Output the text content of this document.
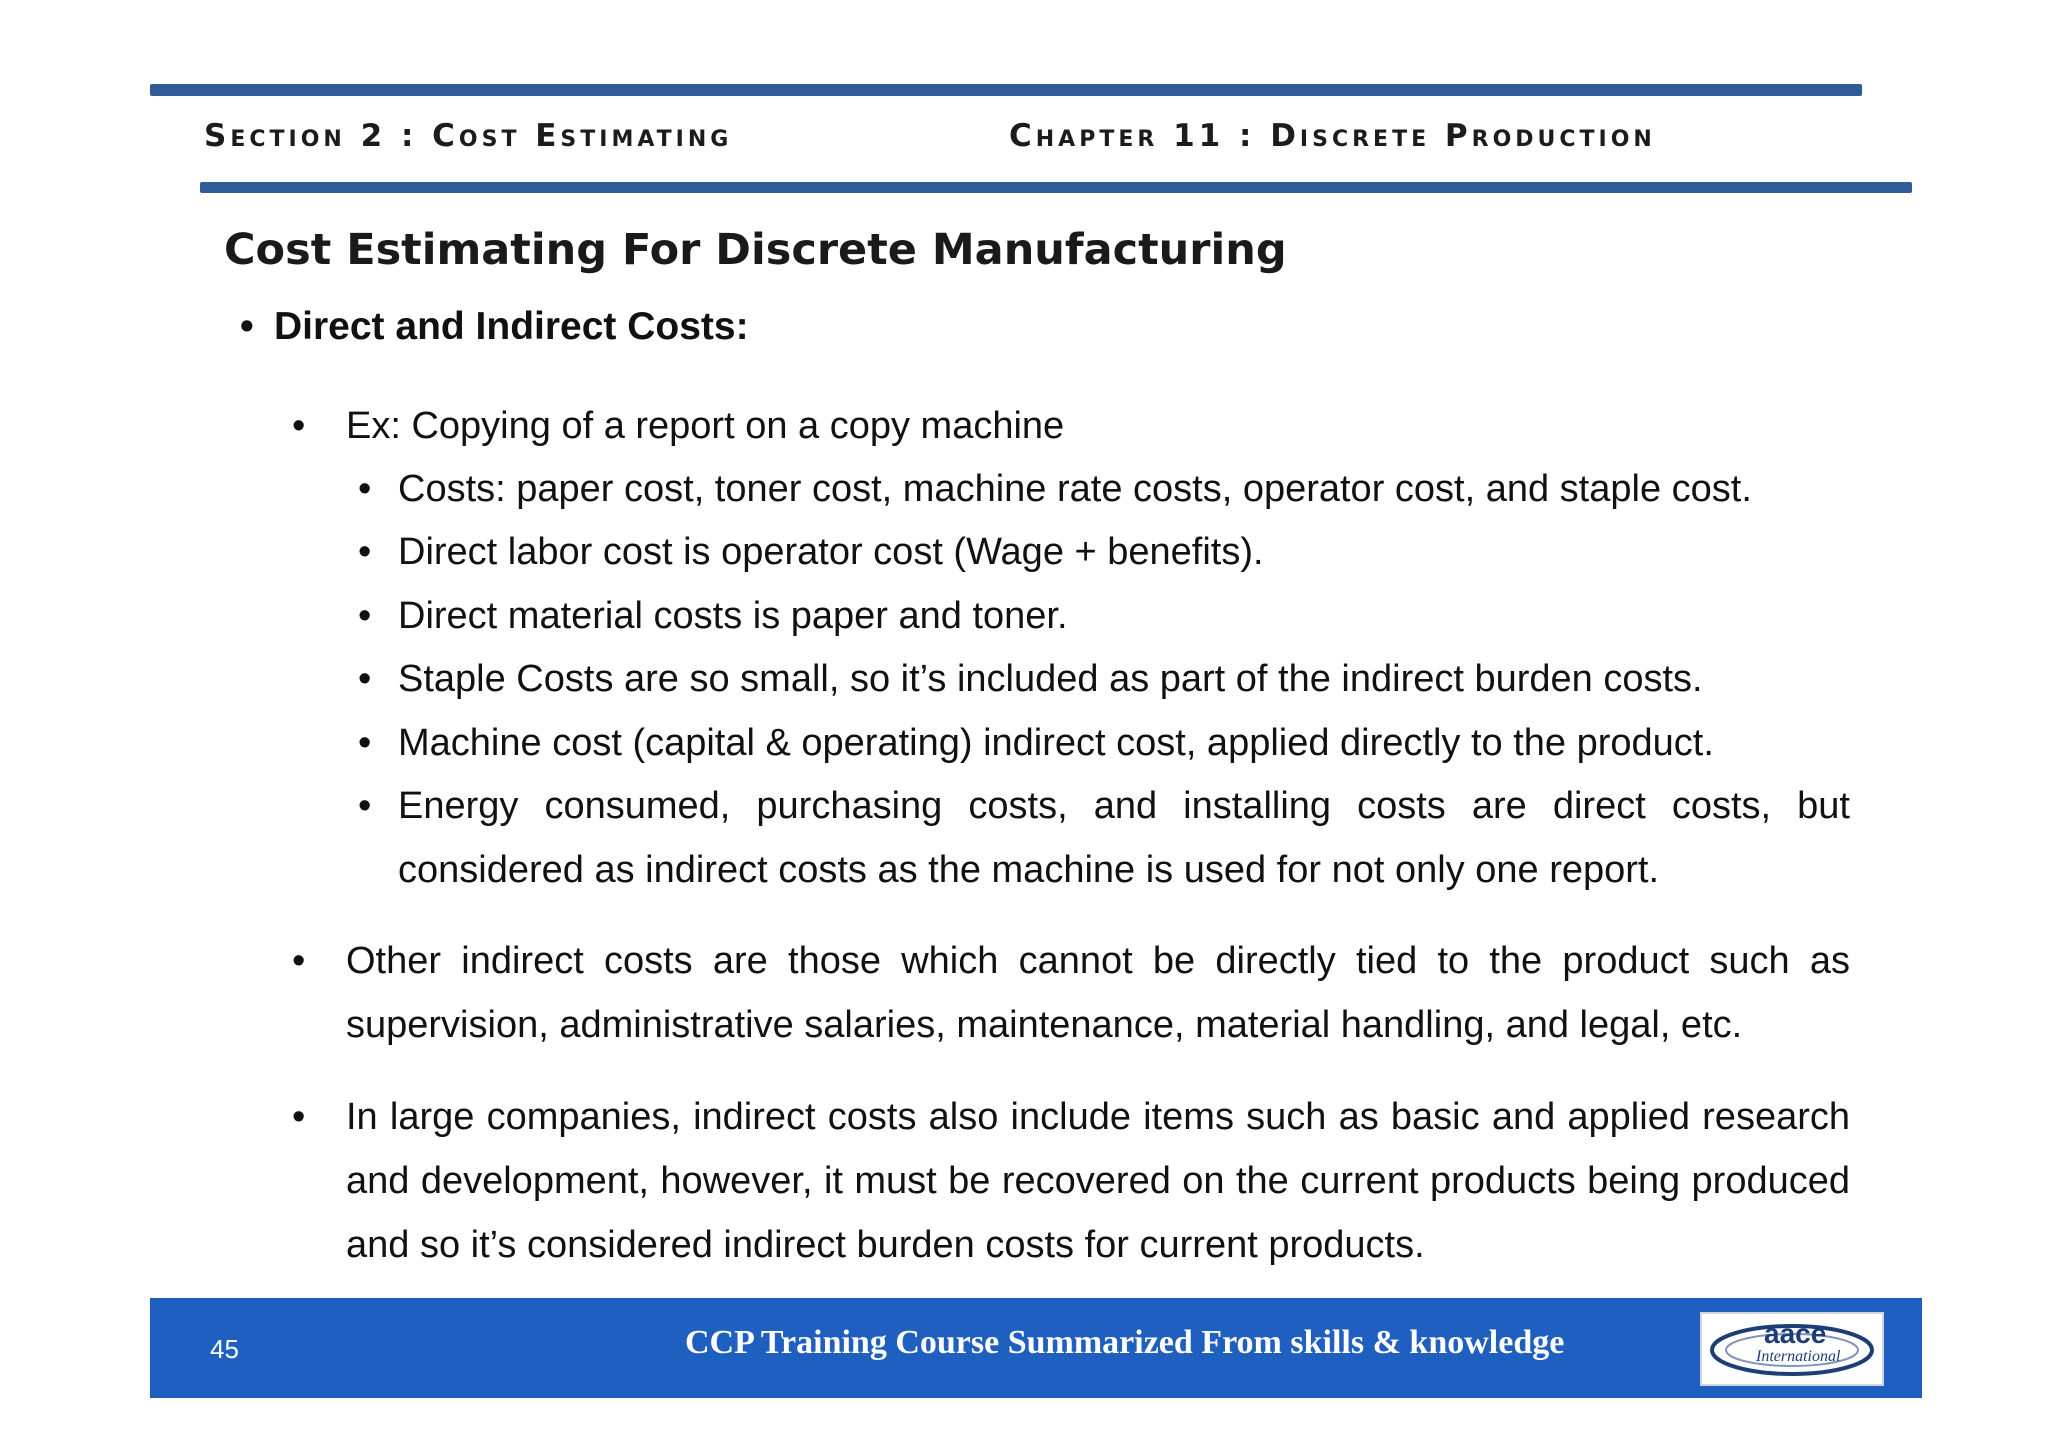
Section 2 : Cost Estimating	Chapter 11 : Discrete Production
Cost Estimating For Discrete Manufacturing
• Direct and Indirect Costs:
• Ex: Copying of a report on a copy machine
• Costs: paper cost, toner cost, machine rate costs, operator cost, and staple cost.
• Direct labor cost is operator cost (Wage + benefits).
• Direct material costs is paper and toner.
• Staple Costs are so small, so it’s included as part of the indirect burden costs.
• Machine cost (capital & operating) indirect cost, applied directly to the product.
• Energy consumed, purchasing costs, and installing costs are direct costs, but considered as indirect costs as the machine is used for not only one report.
• Other indirect costs are those which cannot be directly tied to the product such as supervision, administrative salaries, maintenance, material handling, and legal, etc.
• In large companies, indirect costs also include items such as basic and applied research and development, however, it must be recovered on the current products being produced and so it’s considered indirect burden costs for current products.
45	CCP Training Course Summarized From skills & knowledge	aace
International
